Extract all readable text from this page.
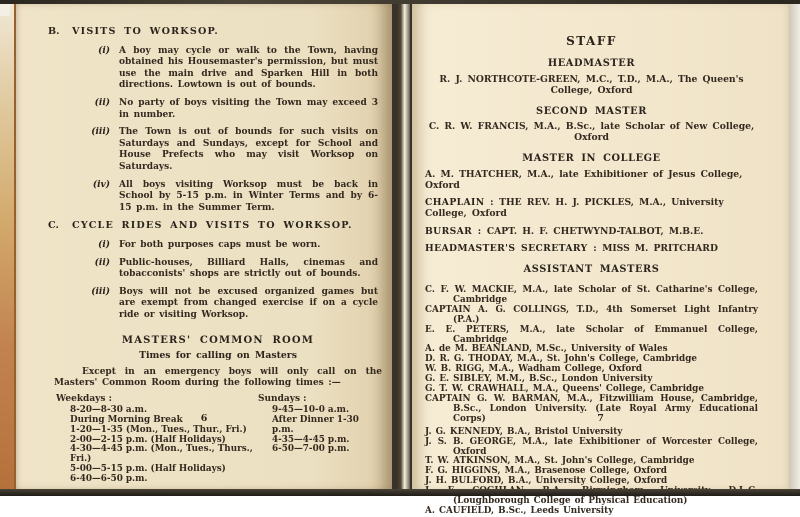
B.	VISITS TO WORKSOP.
(i)	A boy may cycle or walk to the Town, having obtained his Housemaster's permission, but must use the main drive and Sparken Hill in both directions. Lowtown is out of bounds.
(ii)	No party of boys visiting the Town may exceed 3 in number.
(iii)	The Town is out of bounds for such visits on Saturdays and Sundays, except for School and House Prefects who may visit Worksop on Saturdays.
(iv)	All boys visiting Worksop must be back in School by 5-15 p.m. in Winter Terms and by 6-15 p.m. in the Summer Term.
C.	CYCLE RIDES AND VISITS TO WORKSOP.
(i)	For both purposes caps must be worn.
(ii)	Public-houses, Billiard Halls, cinemas and tobacconists' shops are strictly out of bounds.
(iii)	Boys will not be excused organized games but are exempt from changed exercise if on a cycle ride or visiting Worksop.
MASTERS' COMMON ROOM
Times for calling on Masters
Except in an emergency boys will only call on the Masters' Common Room during the following times :—
Weekdays :
8-20—8-30 a.m.
During Morning Break
1-20—1-35 (Mon., Tues., Thur., Fri.)
2-00—2-15 p.m. (Half Holidays)
4-30—4-45 p.m. (Mon., Tues., Thurs., Fri.)
5-00—5-15 p.m. (Half Holidays)
6-40—6-50 p.m.
Sundays :
9-45—10-0 a.m.
After Dinner 1-30 p.m.
4-35—4-45 p.m.
6-50—7-00 p.m.
6
STAFF
HEADMASTER
R. J. NORTHCOTE-GREEN, M.C., T.D., M.A., The Queen's College, Oxford
SECOND MASTER
C. R. W. FRANCIS, M.A., B.Sc., late Scholar of New College, Oxford
MASTER IN COLLEGE
A. M. THATCHER, M.A., late Exhibitioner of Jesus College, Oxford
CHAPLAIN : THE REV. H. J. PICKLES, M.A., University College, Oxford
BURSAR : CAPT. H. F. CHETWYND-TALBOT, M.B.E.
HEADMASTER'S SECRETARY : MISS M. PRITCHARD
ASSISTANT MASTERS
C. F. W. MACKIE, M.A., late Scholar of St. Catharine's College, Cambridge
CAPTAIN A. G. COLLINGS, T.D., 4th Somerset Light Infantry (P.A.)
E. E. PETERS, M.A., late Scholar of Emmanuel College, Cambridge
A. de M. BEANLAND, M.Sc., University of Wales
D. R. G. THODAY, M.A., St. John's College, Cambridge
W. B. RIGG, M.A., Wadham College, Oxford
G. E. SIBLEY, M.M., B.Sc., London University
G. T. W. CRAWHALL, M.A., Queens' College, Cambridge
CAPTAIN G. W. BARMAN, M.A., Fitzwilliam House, Cambridge, B.Sc., London University. (Late Royal Army Educational Corps)
J. G. KENNEDY, B.A., Bristol University
J. S. B. GEORGE, M.A., late Exhibitioner of Worcester College, Oxford
T. W. ATKINSON, M.A., St. John's College, Cambridge
F. G. HIGGINS, M.A., Brasenose College, Oxford
J. H. BULFORD, B.A., University College, Oxford
(Loughborough College of Physical Education)
A. CAUFIELD, B.Sc., Leeds University
7
